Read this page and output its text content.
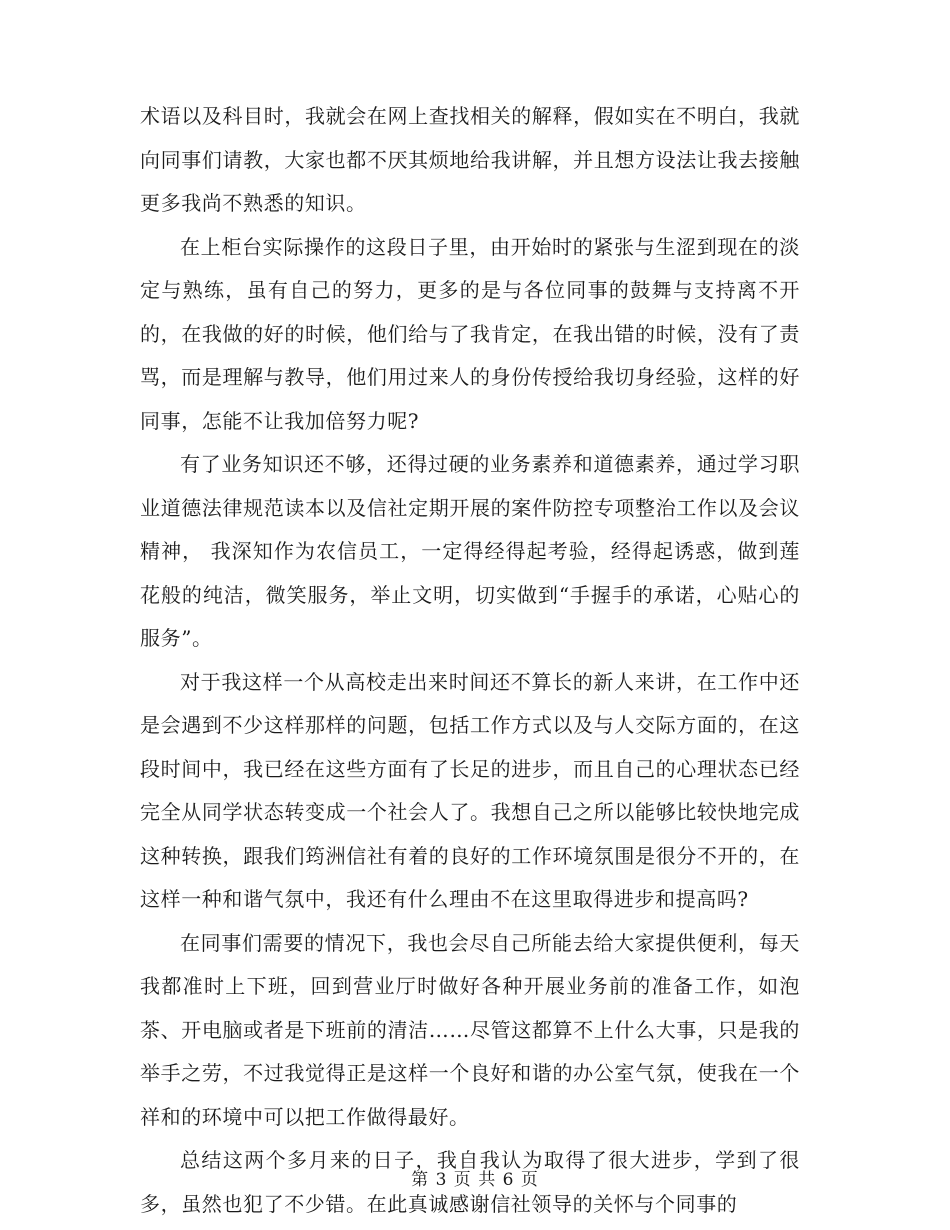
术语以及科目时，我就会在网上查找相关的解释，假如实在不明白，我就向同事们请教，大家也都不厌其烦地给我讲解，并且想方设法让我去接触更多我尚不熟悉的知识。

在上柜台实际操作的这段日子里，由开始时的紧张与生涩到现在的淡定与熟练，虽有自己的努力，更多的是与各位同事的鼓舞与支持离不开的，在我做的好的时候，他们给与了我肯定，在我出错的时候，没有了责骂，而是理解与教导，他们用过来人的身份传授给我切身经验，这样的好同事，怎能不让我加倍努力呢?

有了业务知识还不够，还得过硬的业务素养和道德素养，通过学习职业道德法律规范读本以及信社定期开展的案件防控专项整治工作以及会议精神， 我深知作为农信员工，一定得经得起考验，经得起诱惑，做到莲花般的纯洁，微笑服务，举止文明，切实做到“手握手的承诺，心贴心的服务”。

对于我这样一个从高校走出来时间还不算长的新人来讲，在工作中还是会遇到不少这样那样的问题，包括工作方式以及与人交际方面的，在这段时间中，我已经在这些方面有了长足的进步，而且自己的心理状态已经完全从同学状态转变成一个社会人了。我想自己之所以能够比较快地完成这种转换，跟我们筠洲信社有着的良好的工作环境氛围是很分不开的，在这样一种和谐气氛中，我还有什么理由不在这里取得进步和提高吗?

在同事们需要的情况下，我也会尽自己所能去给大家提供便利，每天我都准时上下班，回到营业厅时做好各种开展业务前的准备工作，如泡茶、开电脑或者是下班前的清洁……尽管这都算不上什么大事，只是我的举手之劳，不过我觉得正是这样一个良好和谐的办公室气氛，使我在一个祥和的环境中可以把工作做得最好。

总结这两个多月来的日子，我自我认为取得了很大进步，学到了很多，虽然也犯了不少错。在此真诚感谢信社领导的关怀与个同事的

第 3 页 共 6 页
